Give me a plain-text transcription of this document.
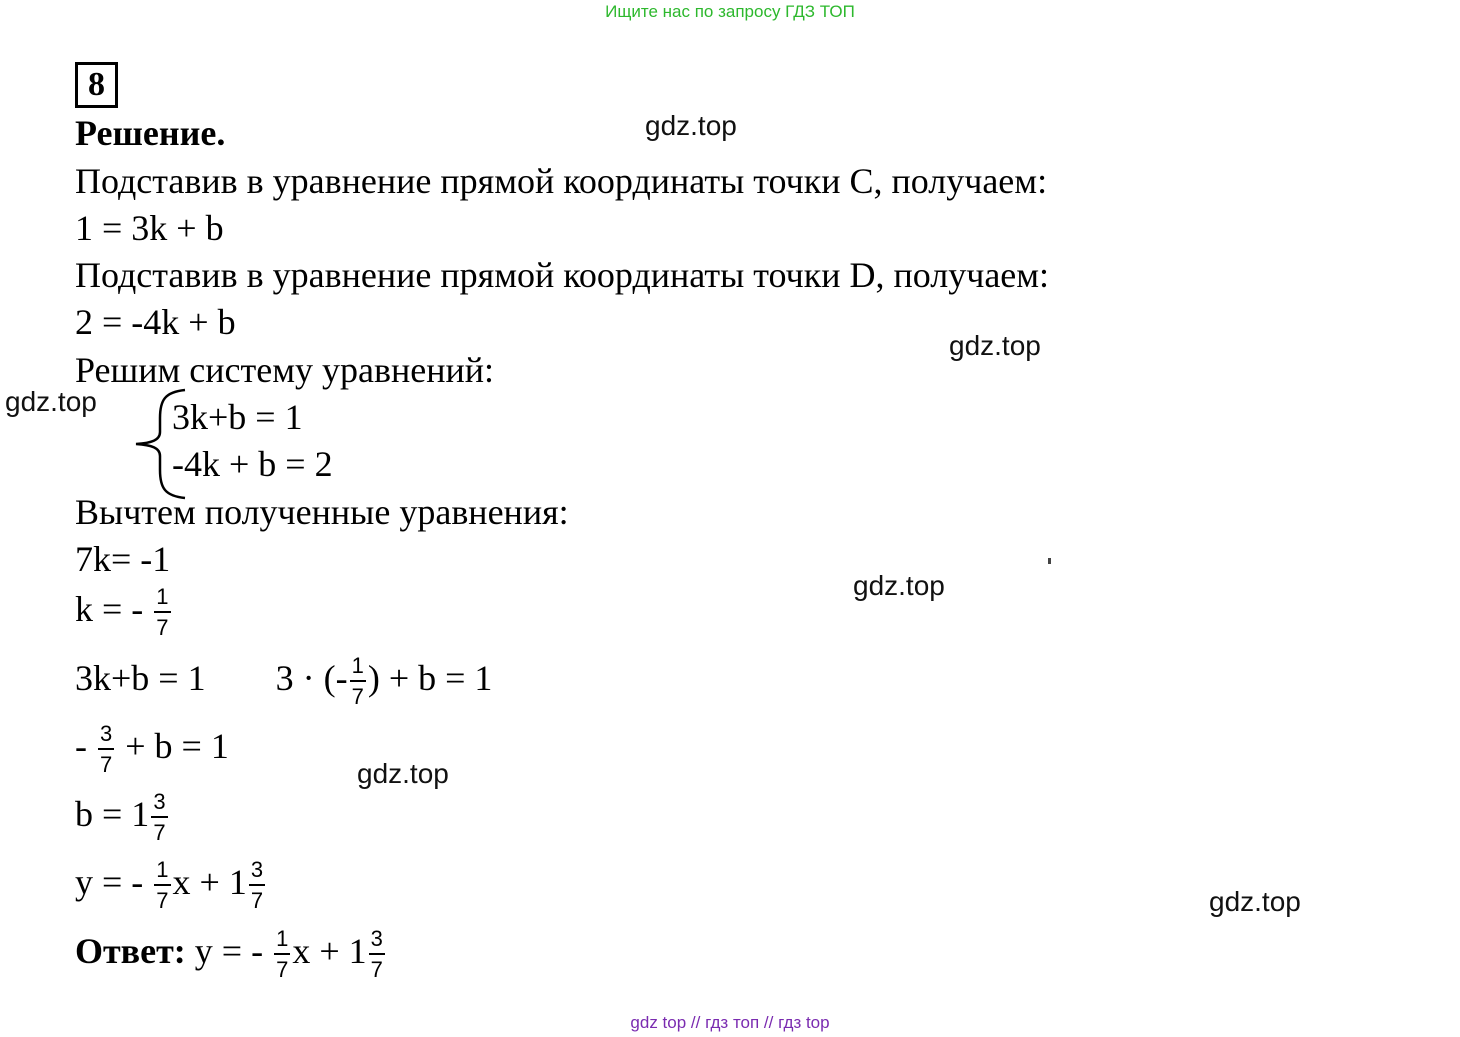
Ищите нас по запросу ГДЗ ТОП
8
Решение.
Подставив в уравнение прямой координаты точки С, получаем:
1 = 3k + b
Подставив в уравнение прямой координаты точки D, получаем:
2 = -4k + b
Решим систему уравнений:
3k+b = 1
-4k + b = 2
Вычтем полученные уравнения:
7k= -1
k = - $\frac{1}{7}$
3k+b = 1 3 · (- $\frac{1}{7}$ ) + b = 1
- $\frac{3}{7} + b = 1$
$b = 1 \frac{3}{7}$
y = - $\frac{1}{7}$ $x + 1 \frac{3}{7}$
Ответ: y = - $\frac{1}{7}$ $x + 1 \frac{3}{7}$
gdz.top
gdz.top
gdz.top
gdz.top
gdz.top
gdz.top
gdz top // гдз топ // гдз top
